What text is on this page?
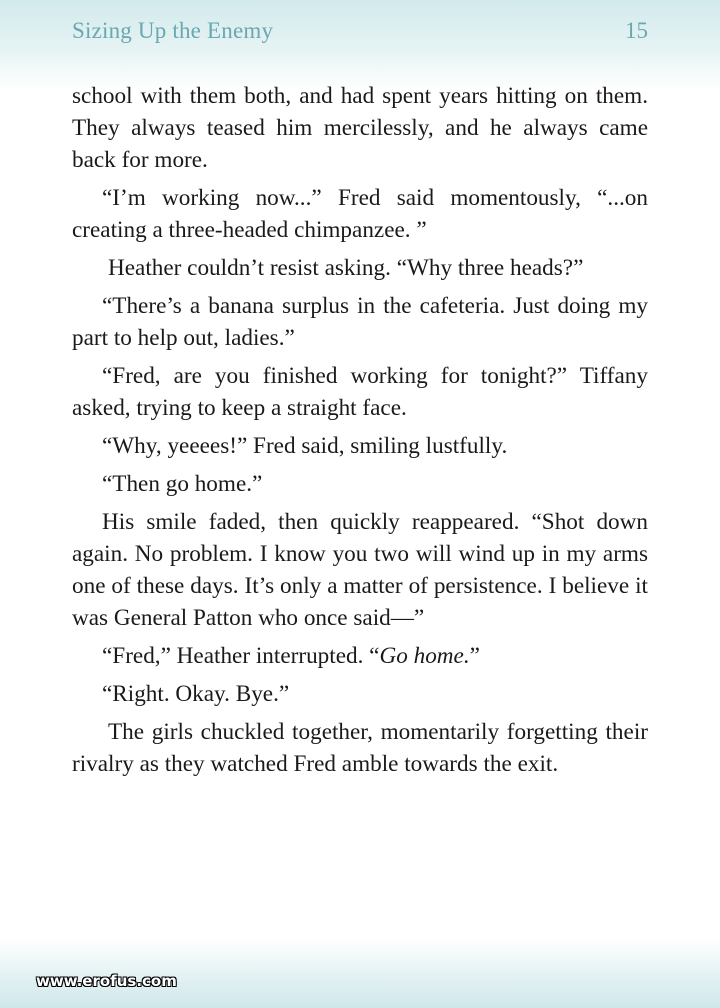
Sizing Up the Enemy	15

school with them both, and had spent years hitting on them. They always teased him mercilessly, and he always came back for more.

“I’m working now...” Fred said momentously, “...on creating a three-headed chimpanzee. ”

Heather couldn’t resist asking. “Why three heads?”

“There’s a banana surplus in the cafeteria. Just doing my part to help out, ladies.”

“Fred, are you finished working for tonight?” Tiffany asked, trying to keep a straight face.

“Why, yeeees!” Fred said, smiling lustfully.

“Then go home.”

His smile faded, then quickly reappeared. “Shot down again. No problem. I know you two will wind up in my arms one of these days. It’s only a matter of persistence. I believe it was General Patton who once said—”

“Fred,” Heather interrupted. “Go home.”

“Right. Okay. Bye.”

The girls chuckled together, momentarily forgetting their rivalry as they watched Fred amble towards the exit.

www.erofus.com
